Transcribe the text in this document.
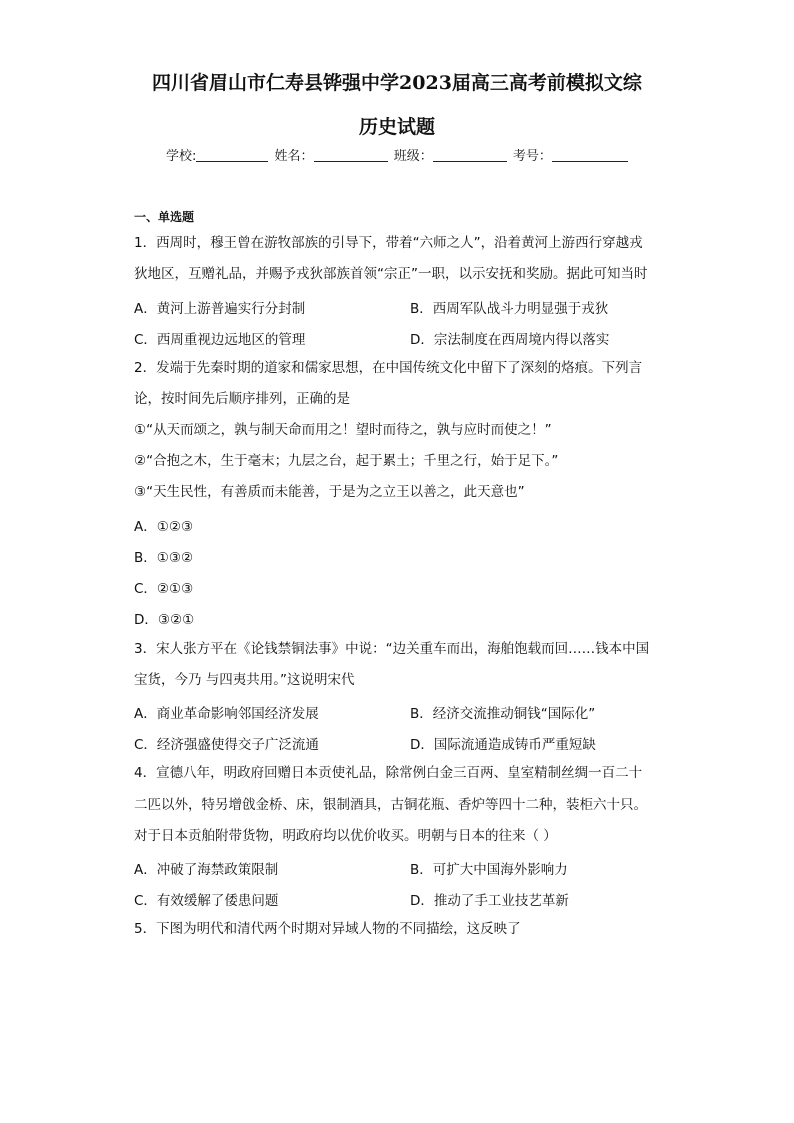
四川省眉山市仁寿县铧强中学2023届高三高考前模拟文综
历史试题
学校:	姓名：	班级：	考号：
一、单选题
1．西周时，穆王曾在游牧部族的引导下，带着“六师之人”，沿着黄河上游西行穿越戎
狄地区，互赠礼品，并赐予戎狄部族首领“宗正”一职，以示安抚和奖励。据此可知当时
A．黄河上游普遍实行分封制	B．西周军队战斗力明显强于戎狄
C．西周重视边远地区的管理	D．宗法制度在西周境内得以落实
2．发端于先秦时期的道家和儒家思想，在中国传统文化中留下了深刻的烙痕。下列言
论，按时间先后顺序排列，正确的是
①“从天而颂之，孰与制天命而用之！望时而待之，孰与应时而使之！”
②“合抱之木，生于毫末；九层之台，起于累土；千里之行，始于足下。”
③“天生民性，有善质而未能善，于是为之立王以善之，此天意也”
A．①②③
B．①③②
C．②①③
D．③②①
3．宋人张方平在《论钱禁铜法事》中说：“边关重车而出，海舶饱载而回……钱本中国
宝货，今乃 与四夷共用。”这说明宋代
A．商业革命影响邻国经济发展	B．经济交流推动铜钱“国际化”
C．经济强盛使得交子广泛流通	D．国际流通造成铸币严重短缺
4．宣德八年，明政府回赠日本贡使礼品，除常例白金三百两、皇室精制丝绸一百二十
二匹以外，特另增戗金桥、床，银制酒具，古铜花瓶、香炉等四十二种，装柜六十只。
对于日本贡舶附带货物，明政府均以优价收买。明朝与日本的往来（ ）
A．冲破了海禁政策限制	B．可扩大中国海外影响力
C．有效缓解了倭患问题	D．推动了手工业技艺革新
5．下图为明代和清代两个时期对异域人物的不同描绘，这反映了
